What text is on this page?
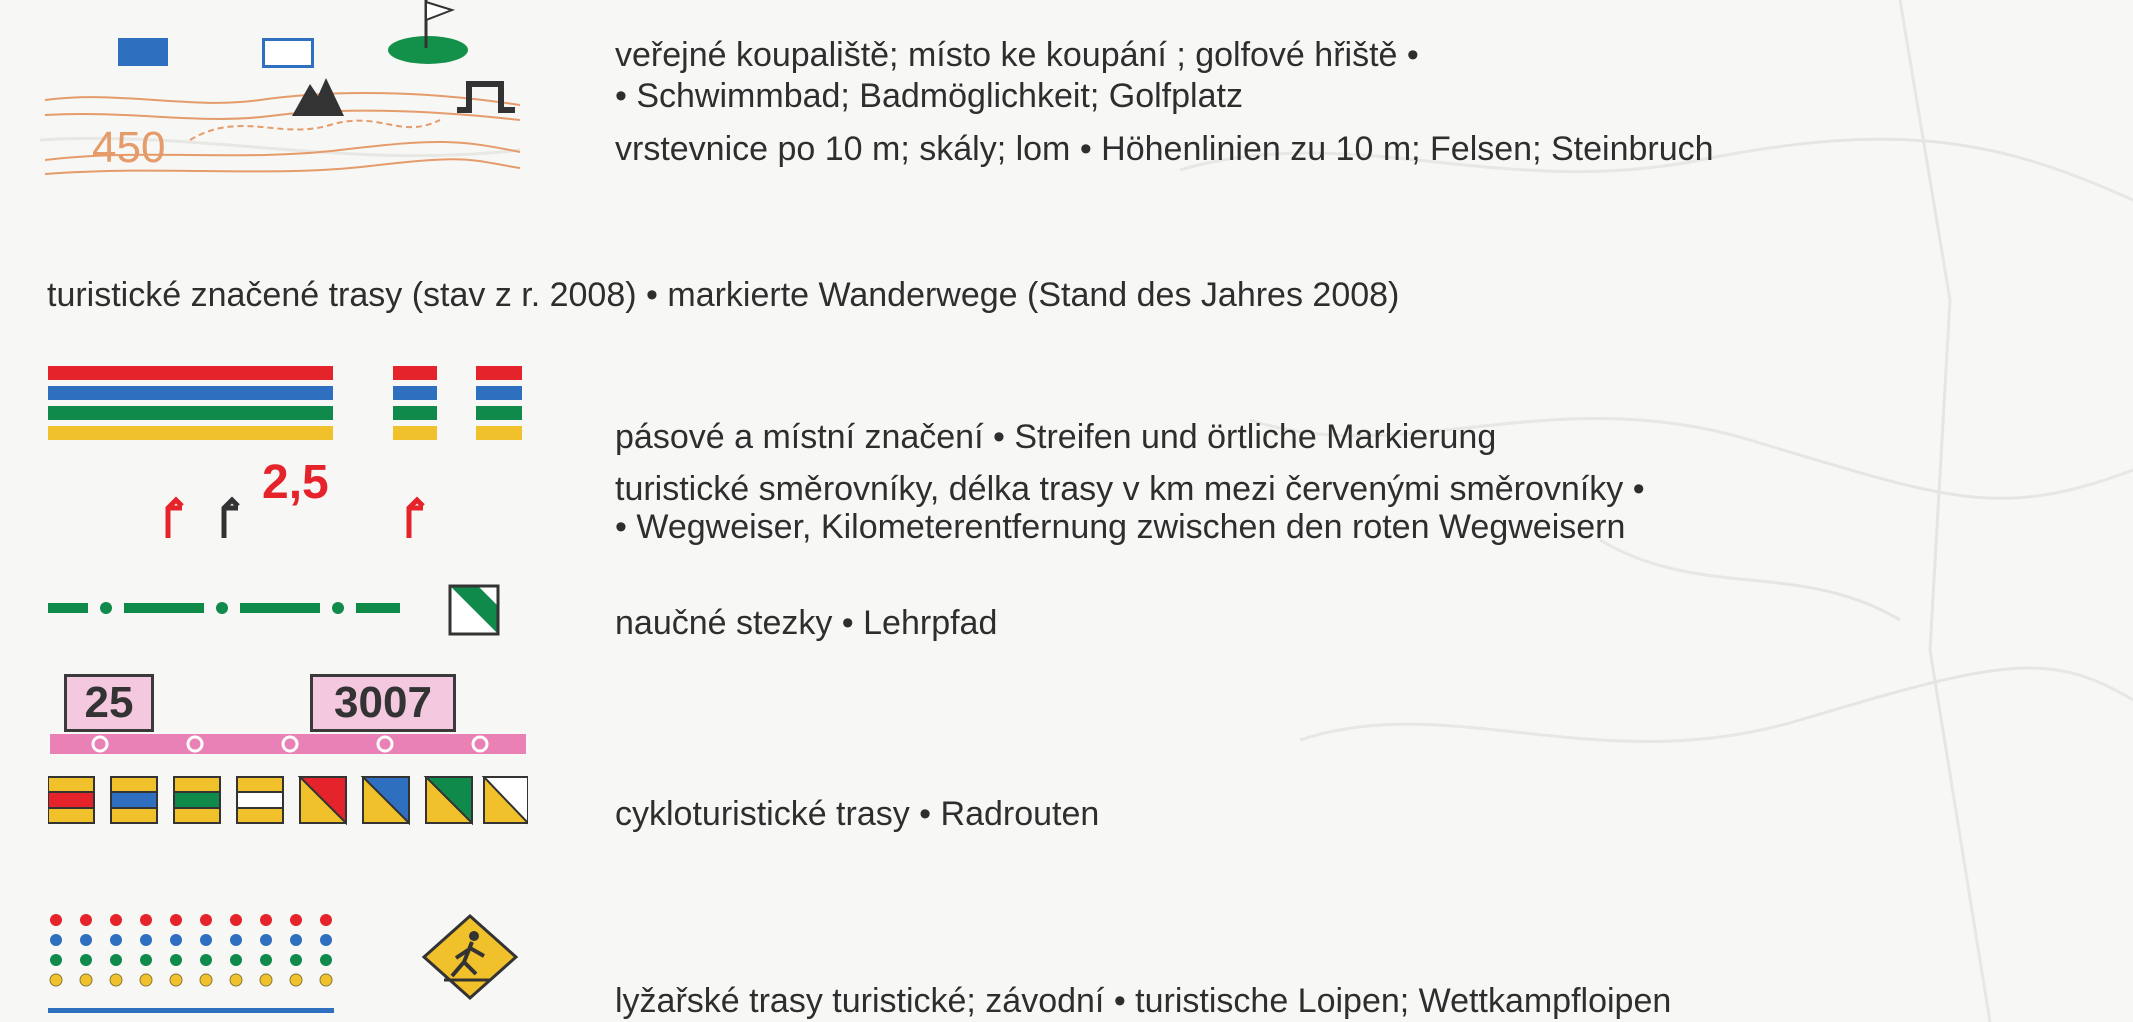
450
veřejné koupaliště; místo ke koupání ; golfové hřiště •
• Schwimmbad; Badmöglichkeit; Golfplatz
vrstevnice po 10 m; skály; lom • Höhenlinien zu 10 m; Felsen; Steinbruch
turistické značené trasy (stav z r. 2008) • markierte Wanderwege (Stand des Jahres 2008)
pásové a místní značení • Streifen und örtliche Markierung
2,5	turistické směrovníky, délka trasy v km mezi červenými směrovníky •
• Wegweiser, Kilometerentfernung zwischen den roten Wegweisern
naučné stezky • Lehrpfad
25	3007
cykloturistické trasy • Radrouten
lyžařské trasy turistické; závodní • turistische Loipen; Wettkampfloipen
